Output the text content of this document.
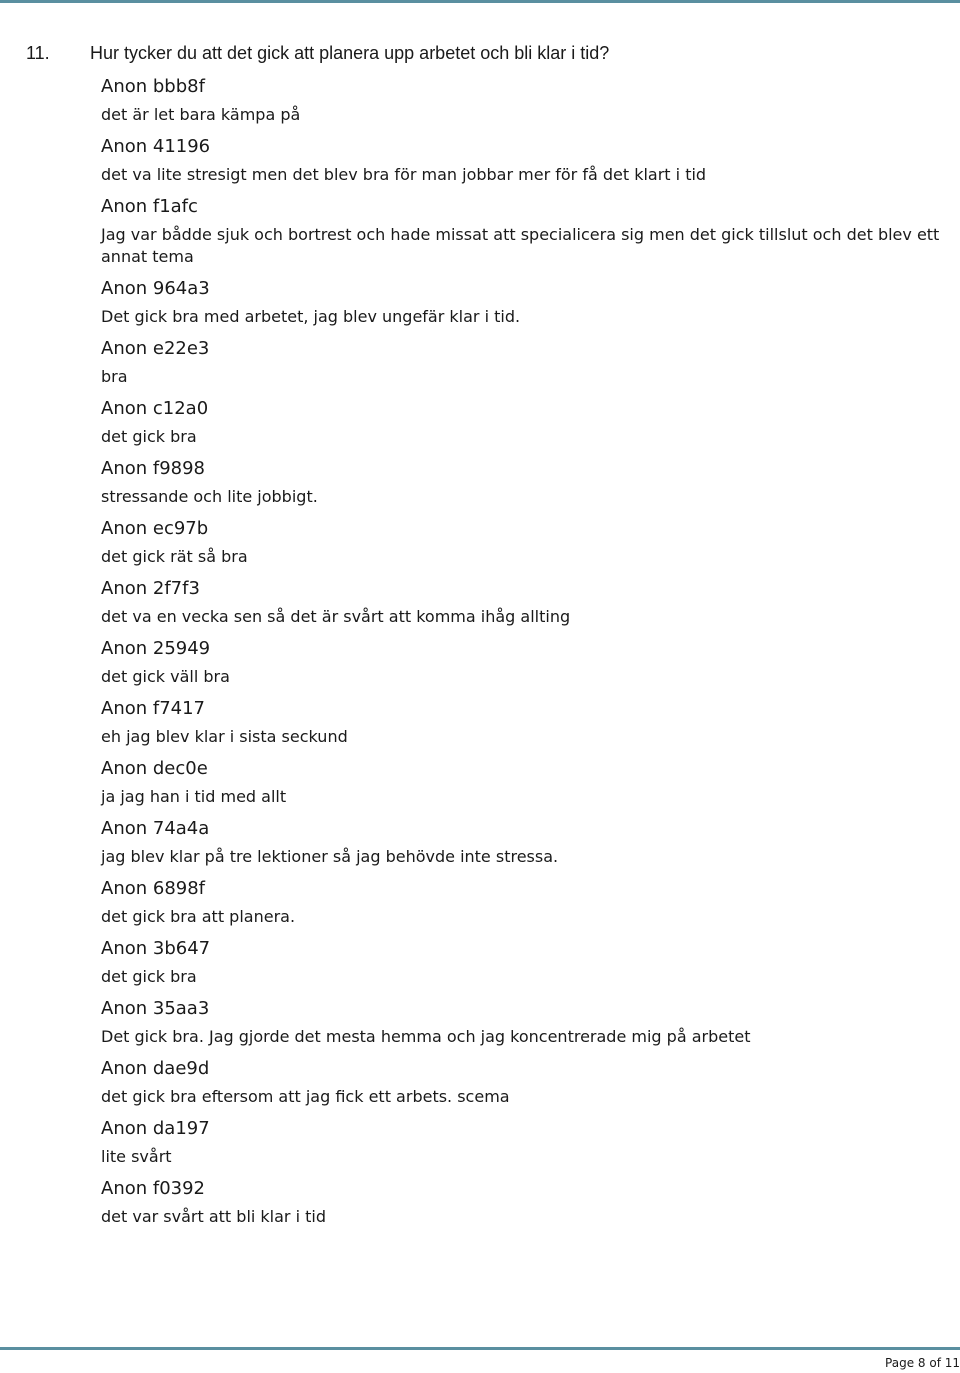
11. Hur tycker du att det gick att planera upp arbetet och bli klar i tid?
Anon bbb8f
det är let bara kämpa på
Anon 41196
det va lite stresigt men det blev bra för man jobbar mer för få det klart i tid
Anon f1afc
Jag var bådde sjuk och bortrest och hade missat att specialicera sig men det gick tillslut och det blev ett annat tema
Anon 964a3
Det gick bra med arbetet, jag blev ungefär klar i tid.
Anon e22e3
bra
Anon c12a0
det gick bra
Anon f9898
stressande och lite jobbigt.
Anon ec97b
det gick rät så bra
Anon 2f7f3
det va en vecka sen så det är svårt att komma ihåg allting
Anon 25949
det gick väll bra
Anon f7417
eh jag blev klar i sista seckund
Anon dec0e
ja jag han i tid med allt
Anon 74a4a
jag blev klar på tre lektioner så jag behövde inte stressa.
Anon 6898f
det gick bra att planera.
Anon 3b647
det gick bra
Anon 35aa3
Det gick bra. Jag gjorde det mesta hemma och jag koncentrerade mig på arbetet
Anon dae9d
det gick bra eftersom att jag fick ett arbets. scema
Anon da197
lite svårt
Anon f0392
det var svårt att bli klar i tid
Page 8 of 11
